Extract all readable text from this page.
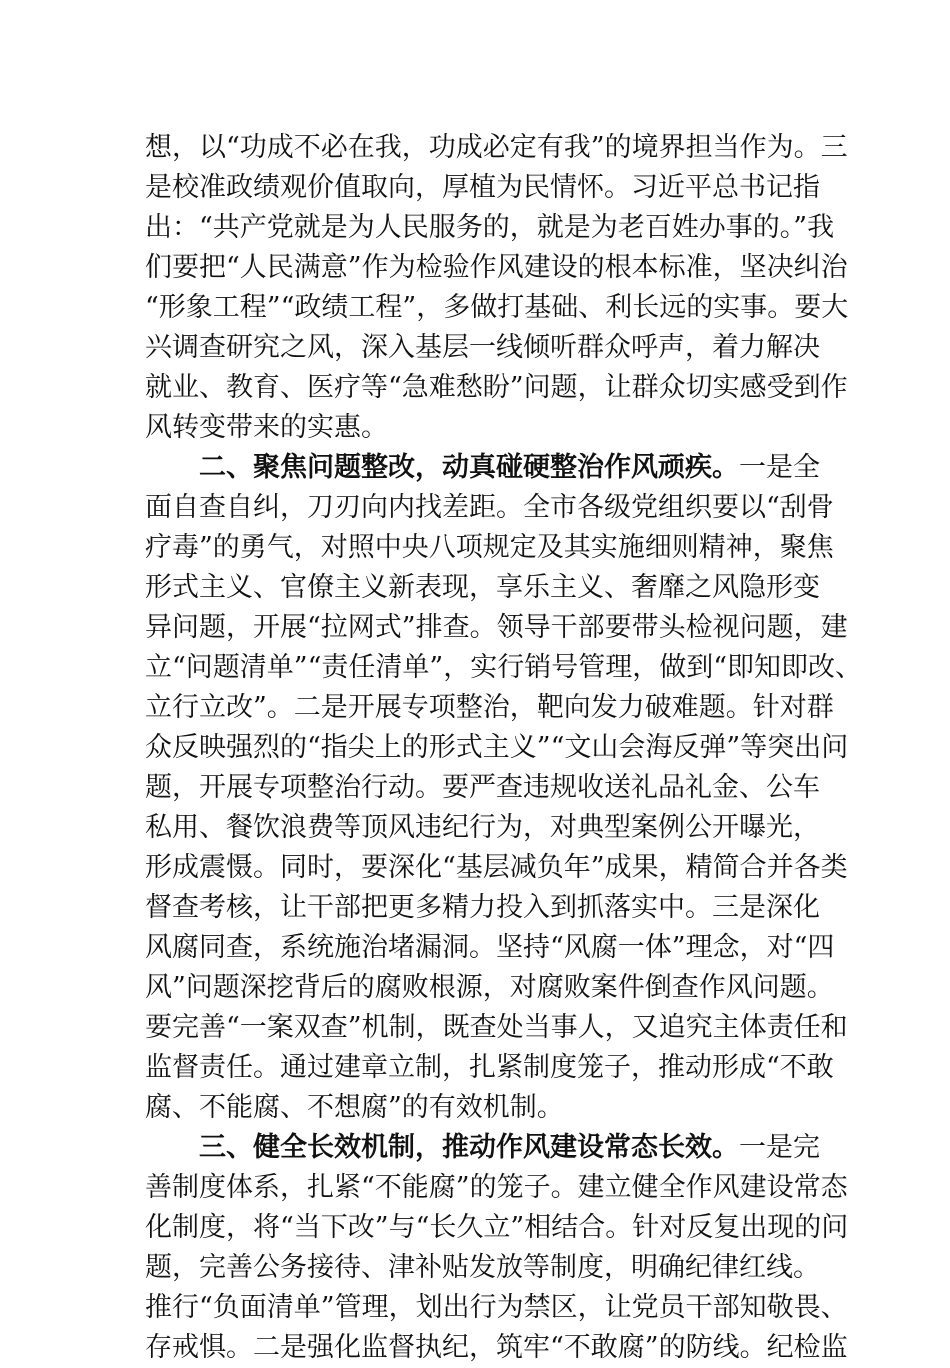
想，以“功成不必在我，功成必定有我”的境界担当作为。三
是校准政绩观价值取向，厚植为民情怀。习近平总书记指
出：“共产党就是为人民服务的，就是为老百姓办事的。”我
们要把“人民满意”作为检验作风建设的根本标准，坚决纠治
“形象工程”“政绩工程”，多做打基础、利长远的实事。要大
兴调查研究之风，深入基层一线倾听群众呼声，着力解决
就业、教育、医疗等“急难愁盼”问题，让群众切实感受到作
风转变带来的实惠。
二、聚焦问题整改，动真碰硬整治作风顽疾。一是全
面自查自纠，刀刃向内找差距。全市各级党组织要以“刮骨
疗毒”的勇气，对照中央八项规定及其实施细则精神，聚焦
形式主义、官僚主义新表现，享乐主义、奢靡之风隐形变
异问题，开展“拉网式”排查。领导干部要带头检视问题，建
立“问题清单”“责任清单”，实行销号管理，做到“即知即改、
立行立改”。二是开展专项整治，靶向发力破难题。针对群
众反映强烈的“指尖上的形式主义”“文山会海反弹”等突出问
题，开展专项整治行动。要严查违规收送礼品礼金、公车
私用、餐饮浪费等顶风违纪行为，对典型案例公开曝光，
形成震慑。同时，要深化“基层减负年”成果，精简合并各类
督查考核，让干部把更多精力投入到抓落实中。三是深化
风腐同查，系统施治堵漏洞。坚持“风腐一体”理念，对“四
风”问题深挖背后的腐败根源，对腐败案件倒查作风问题。
要完善“一案双查”机制，既查处当事人，又追究主体责任和
监督责任。通过建章立制，扎紧制度笼子，推动形成“不敢
腐、不能腐、不想腐”的有效机制。
三、健全长效机制，推动作风建设常态长效。一是完
善制度体系，扎紧“不能腐”的笼子。建立健全作风建设常态
化制度，将“当下改”与“长久立”相结合。针对反复出现的问
题，完善公务接待、津补贴发放等制度，明确纪律红线。
推行“负面清单”管理，划出行为禁区，让党员干部知敬畏、
存戒惧。二是强化监督执纪，筑牢“不敢腐”的防线。纪检监
